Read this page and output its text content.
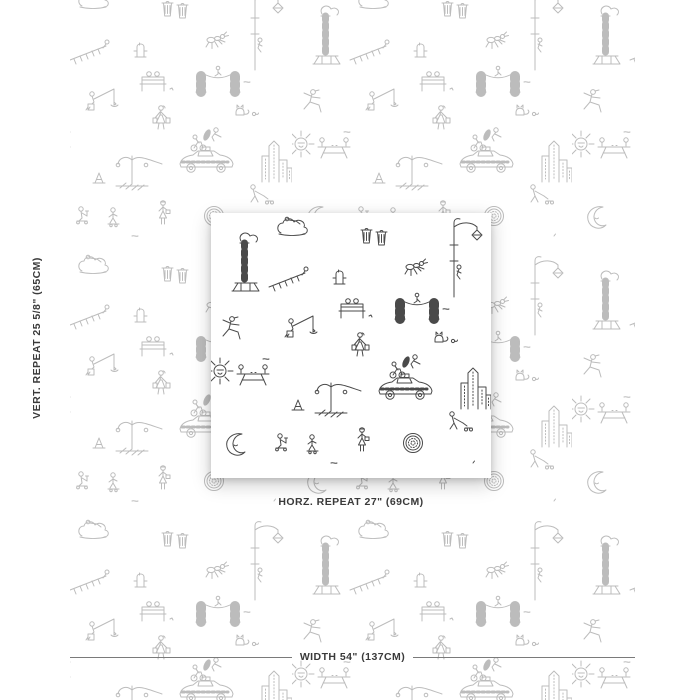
VERT. REPEAT 25 5/8" (65CM)
HORZ. REPEAT 27" (69CM)
WIDTH 54" (137CM)
